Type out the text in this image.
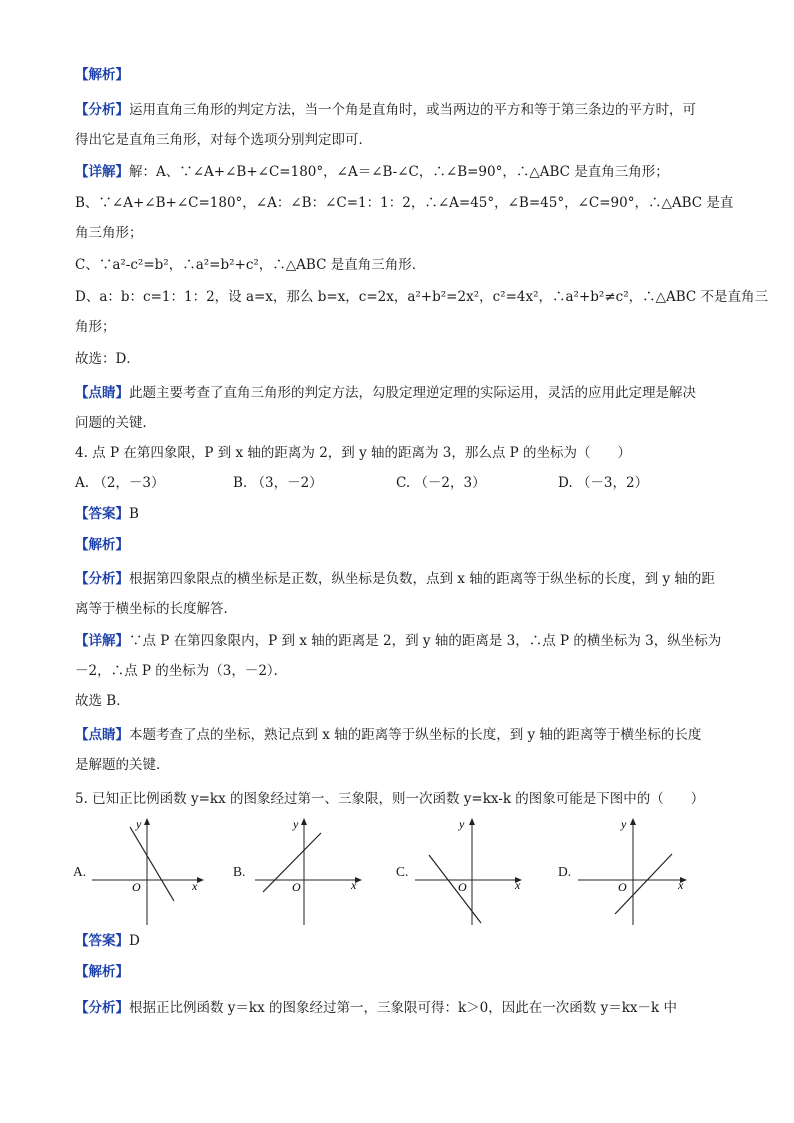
【解析】
【分析】运用直角三角形的判定方法，当一个角是直角时，或当两边的平方和等于第三条边的平方时，可
得出它是直角三角形，对每个选项分别判定即可．
【详解】解：A、∵∠A+∠B+∠C=180°，∠A＝∠B-∠C，∴∠B=90°，∴△ABC 是直角三角形；
B、∵∠A+∠B+∠C=180°，∠A：∠B：∠C=1：1：2，∴∠A=45°，∠B=45°，∠C=90°，∴△ABC 是直
角三角形；
C、∵a²-c²=b²，∴a²=b²+c²，∴△ABC 是直角三角形．
D、a：b：c=1：1：2，设 a=x，那么 b=x，c=2x，a²+b²=2x²，c²=4x²，∴a²+b²≠c²，∴△ABC 不是直角三
角形；
故选：D．
【点睛】此题主要考查了直角三角形的判定方法，勾股定理逆定理的实际运用，灵活的应用此定理是解决
问题的关键．
4. 点 P 在第四象限，P 到 x 轴的距离为 2，到 y 轴的距离为 3，那么点 P 的坐标为（　　）
A. （2，－3）	B. （3，－2）	C. （－2，3）	D. （－3，2）
【答案】B
【解析】
【分析】根据第四象限点的横坐标是正数，纵坐标是负数，点到 x 轴的距离等于纵坐标的长度，到 y 轴的距
离等于横坐标的长度解答．
【详解】∵点 P 在第四象限内，P 到 x 轴的距离是 2，到 y 轴的距离是 3，∴点 P 的横坐标为 3，纵坐标为
－2，∴点 P 的坐标为（3，－2）．
故选 B．
【点睛】本题考查了点的坐标，熟记点到 x 轴的距离等于纵坐标的长度，到 y 轴的距离等于横坐标的长度
是解题的关键．
5. 已知正比例函数 y=kx 的图象经过第一、三象限，则一次函数 y=kx-k 的图象可能是下图中的（　　）
A.
x
y
O
B.
x
y
O
C.
x
y
O
D.
x
y
O
【答案】D
【解析】
【分析】根据正比例函数 y＝kx 的图象经过第一，三象限可得：k＞0，因此在一次函数 y＝kx－k 中
